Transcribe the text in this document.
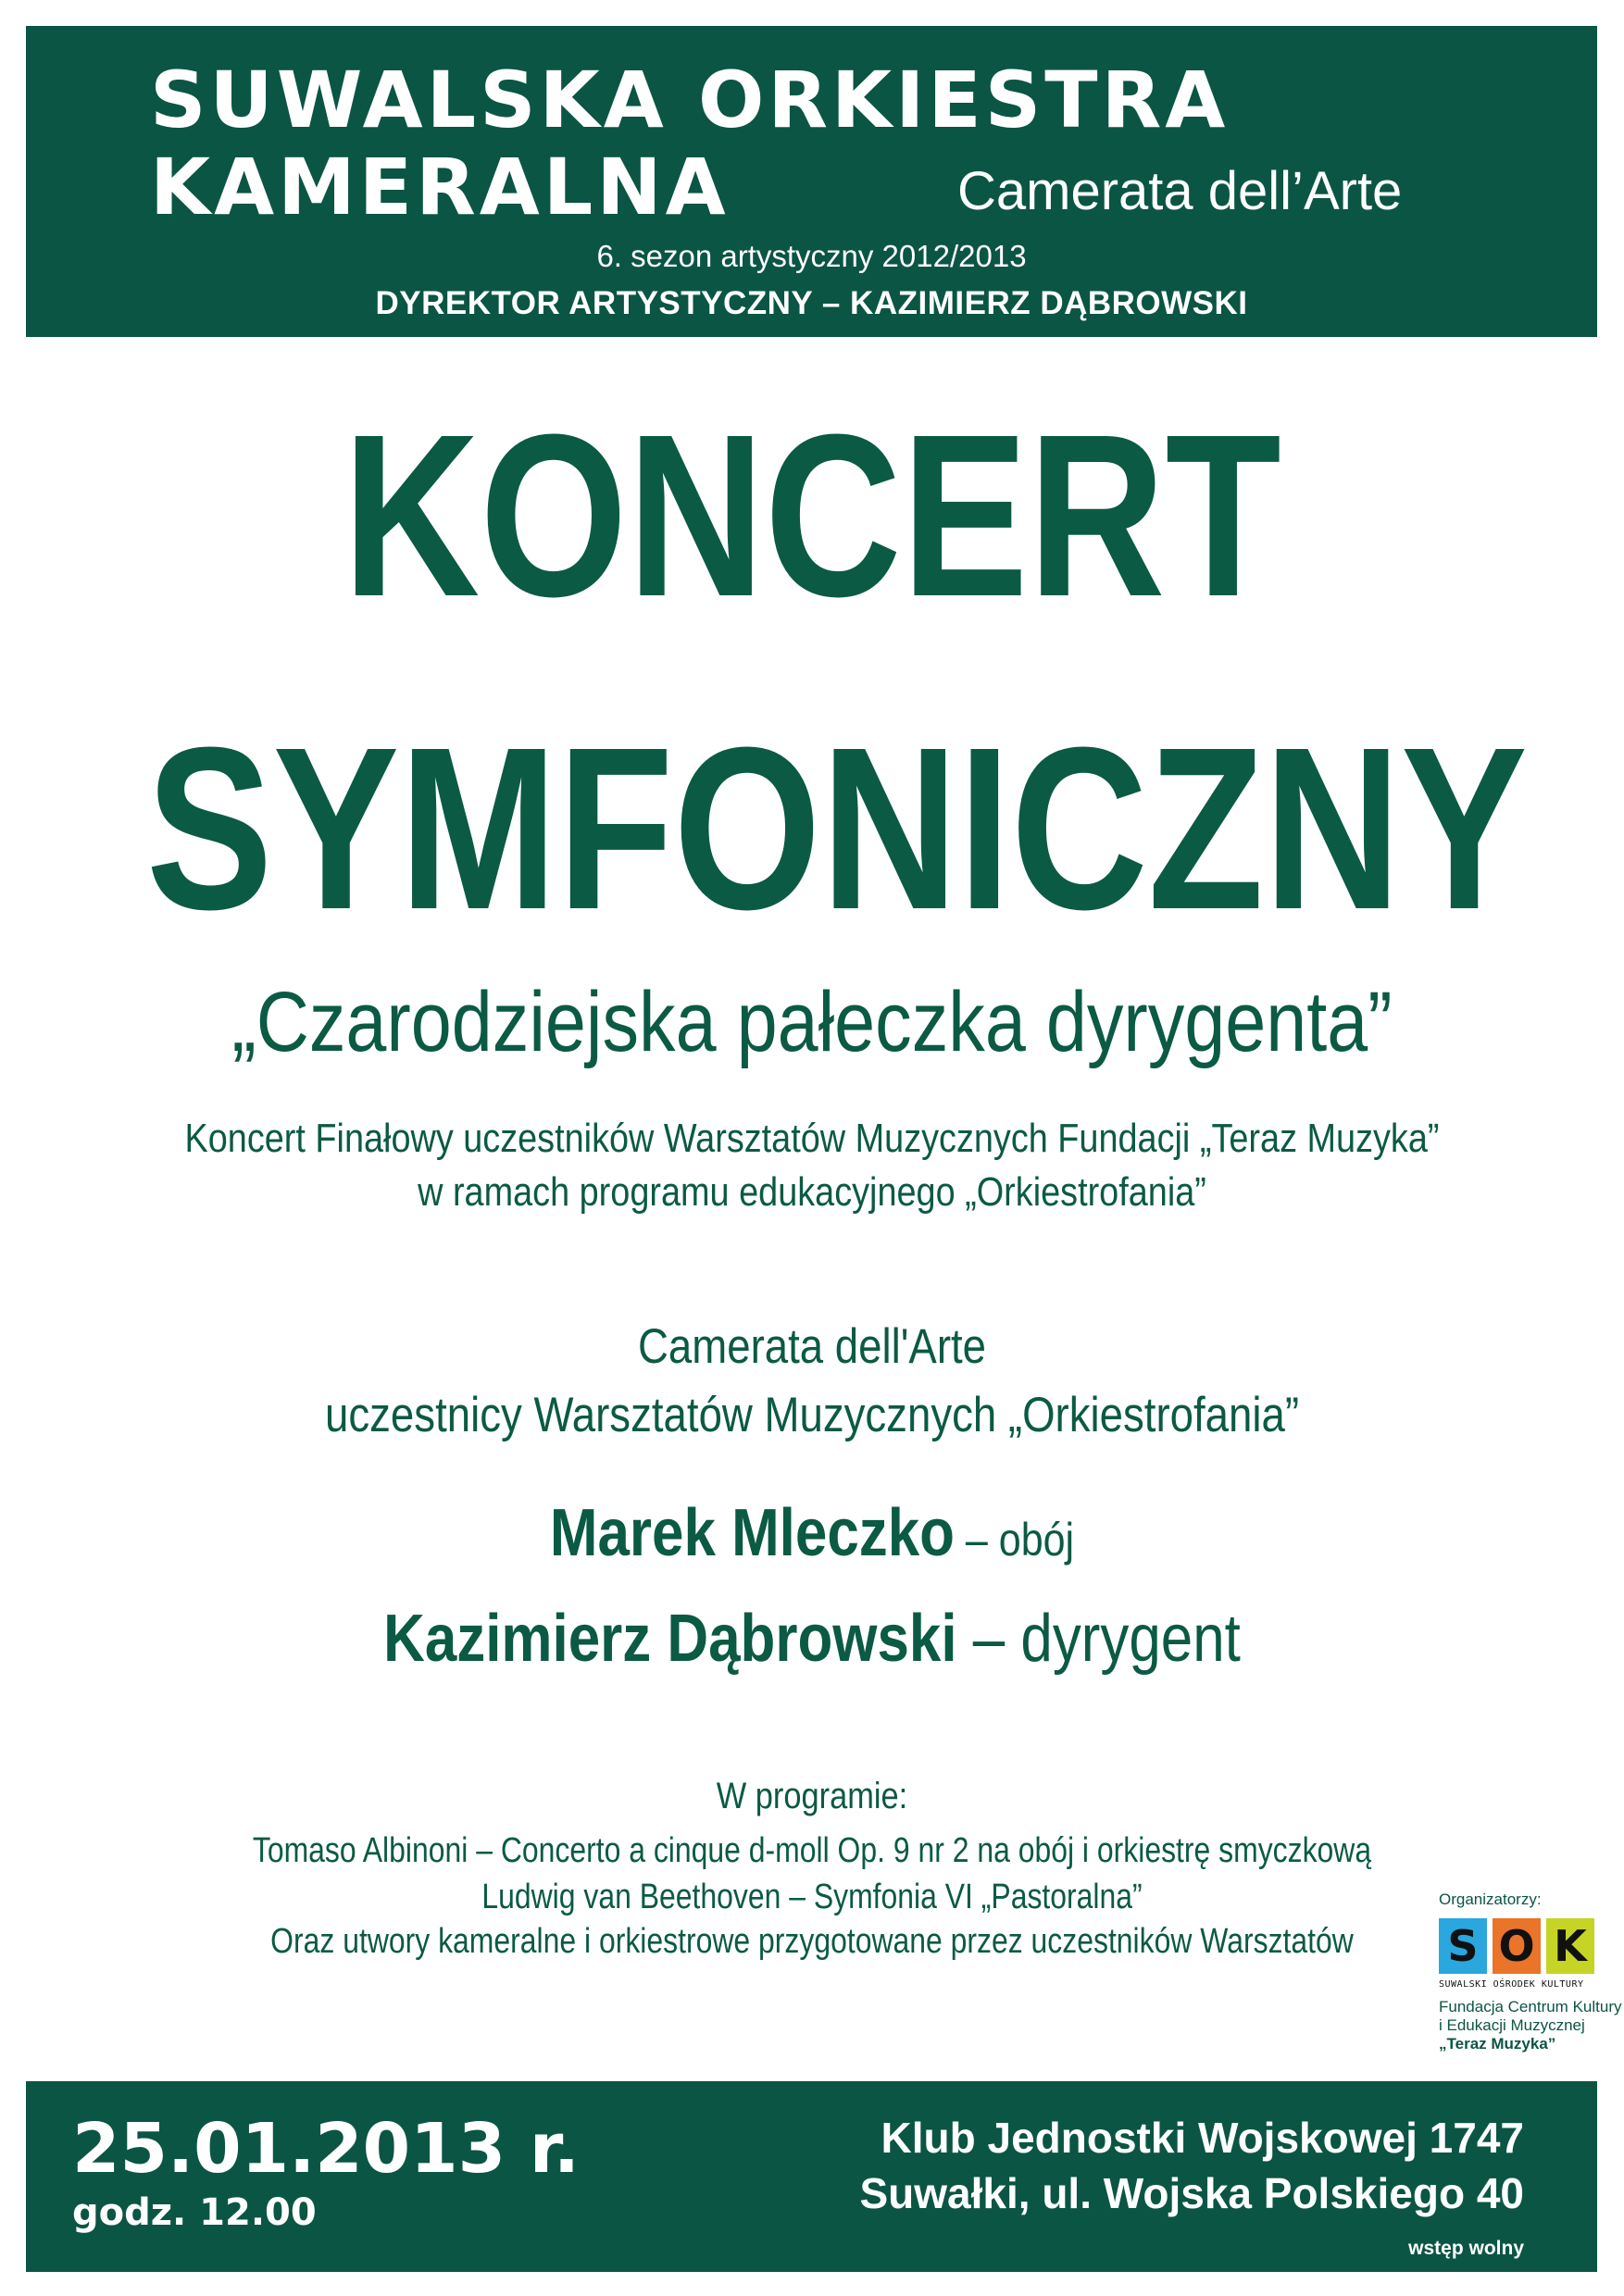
SUWALSKA ORKIESTRA
KAMERALNA	Camerata dell’Arte
6. sezon artystyczny 2012/2013
DYREKTOR ARTYSTYCZNY – KAZIMIERZ DĄBROWSKI
KONCERT
SYMFONICZNY
„Czarodziejska pałeczka dyrygenta”
Koncert Finałowy uczestników Warsztatów Muzycznych Fundacji „Teraz Muzyka”
w ramach programu edukacyjnego „Orkiestrofania”
Camerata dell'Arte
uczestnicy Warsztatów Muzycznych „Orkiestrofania”
Marek Mleczko – obój
Kazimierz Dąbrowski – dyrygent
W programie:
Tomaso Albinoni – Concerto a cinque d-moll Op. 9 nr 2 na obój i orkiestrę smyczkową
Ludwig van Beethoven – Symfonia VI „Pastoralna”
Oraz utwory kameralne i orkiestrowe przygotowane przez uczestników Warsztatów
Organizatorzy:
S O K
SUWALSKI OŚRODEK KULTURY
Fundacja Centrum Kultury
i Edukacji Muzycznej
„Teraz Muzyka”
25.01.2013 r.
godz. 12.00
Klub Jednostki Wojskowej 1747
Suwałki, ul. Wojska Polskiego 40
wstęp wolny
